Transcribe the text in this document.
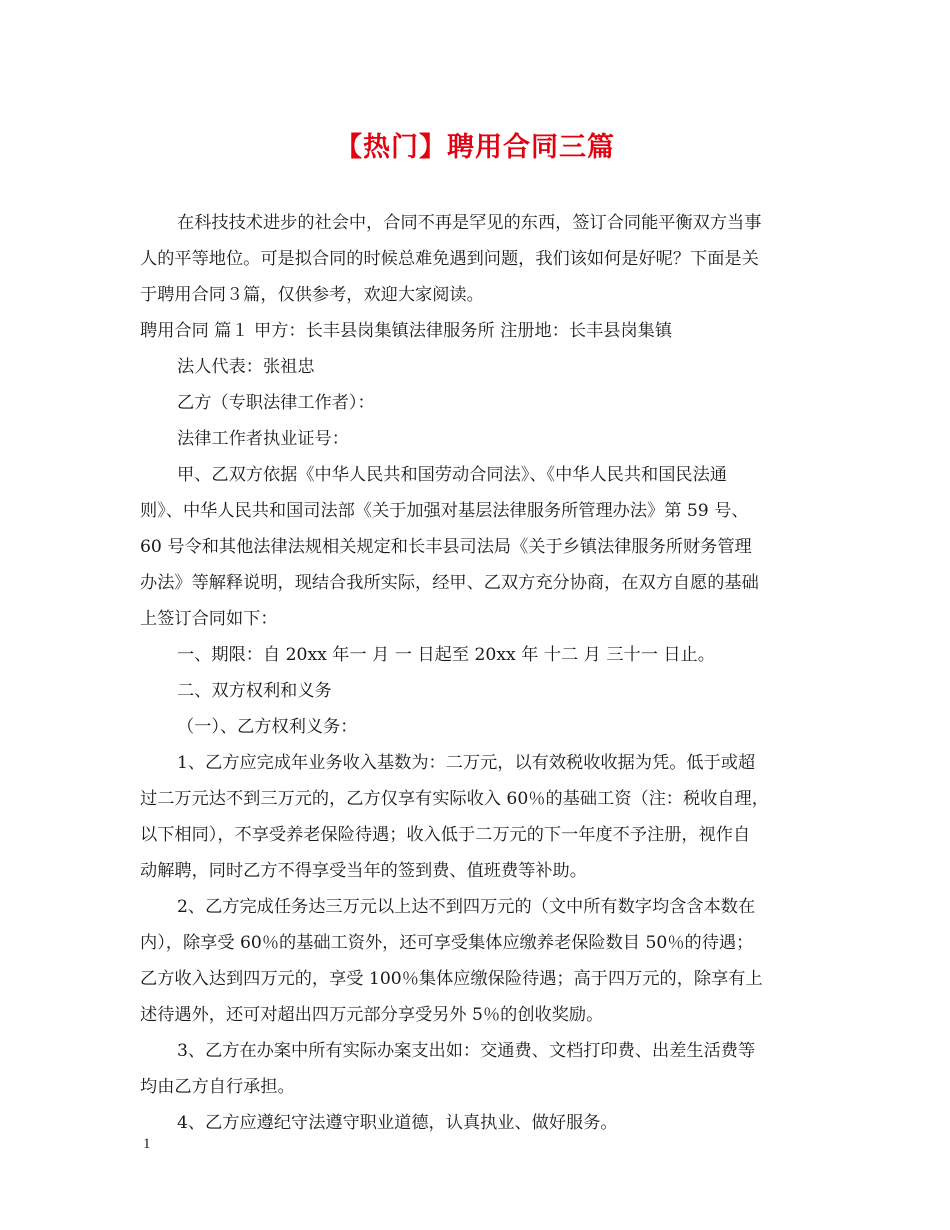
【热门】聘用合同三篇
在科技技术进步的社会中，合同不再是罕见的东西，签订合同能平衡双方当事
人的平等地位。可是拟合同的时候总难免遇到问题，我们该如何是好呢？下面是关
于聘用合同３篇，仅供参考，欢迎大家阅读。
聘用合同 篇１ 甲方：长丰县岗集镇法律服务所 注册地：长丰县岗集镇
法人代表：张祖忠
乙方（专职法律工作者）：
法律工作者执业证号：
甲、乙双方依据《中华人民共和国劳动合同法》、《中华人民共和国民法通
则》、中华人民共和国司法部《关于加强对基层法律服务所管理办法》第 59 号、
60 号令和其他法律法规相关规定和长丰县司法局《关于乡镇法律服务所财务管理
办法》等解释说明，现结合我所实际，经甲、乙双方充分协商，在双方自愿的基础
上签订合同如下：
一、期限：自 20xx 年一 月 一 日起至 20xx 年 十二 月 三十一 日止。
二、双方权利和义务
（一）、乙方权利义务：
1、乙方应完成年业务收入基数为：二万元，以有效税收收据为凭。低于或超
过二万元达不到三万元的，乙方仅享有实际收入 60％的基础工资（注：税收自理，
以下相同），不享受养老保险待遇；收入低于二万元的下一年度不予注册，视作自
动解聘，同时乙方不得享受当年的签到费、值班费等补助。
2、乙方完成任务达三万元以上达不到四万元的（文中所有数字均含含本数在
内），除享受 60％的基础工资外，还可享受集体应缴养老保险数目 50％的待遇；
乙方收入达到四万元的，享受 100％集体应缴保险待遇；高于四万元的，除享有上
述待遇外，还可对超出四万元部分享受另外 5％的创收奖励。
3、乙方在办案中所有实际办案支出如：交通费、文档打印费、出差生活费等
均由乙方自行承担。
4、乙方应遵纪守法遵守职业道德，认真执业、做好服务。
1
